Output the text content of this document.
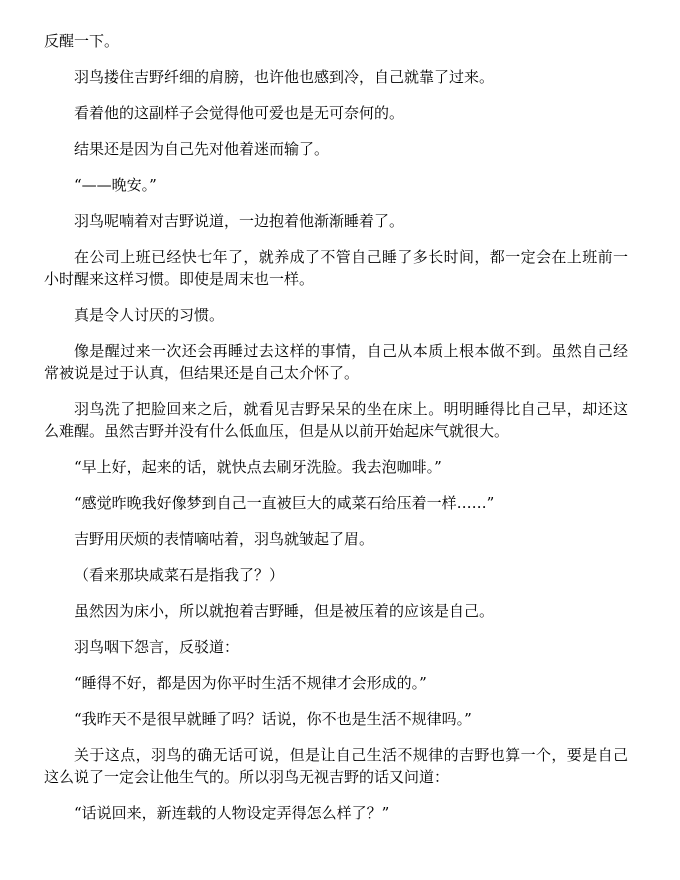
反醒一下。

羽鸟搂住吉野纤细的肩膀，也许他也感到冷，自己就靠了过来。

看着他的这副样子会觉得他可爱也是无可奈何的。

结果还是因为自己先对他着迷而输了。

“——晚安。”

羽鸟呢喃着对吉野说道，一边抱着他渐渐睡着了。

在公司上班已经快七年了，就养成了不管自己睡了多长时间，都一定会在上班前一小时醒来这样习惯。即使是周末也一样。

真是令人讨厌的习惯。

像是醒过来一次还会再睡过去这样的事情，自己从本质上根本做不到。虽然自己经常被说是过于认真，但结果还是自己太介怀了。

羽鸟洗了把脸回来之后，就看见吉野呆呆的坐在床上。明明睡得比自己早，却还这么难醒。虽然吉野并没有什么低血压，但是从以前开始起床气就很大。

“早上好，起来的话，就快点去刷牙洗脸。我去泡咖啡。”

“感觉昨晚我好像梦到自己一直被巨大的咸菜石给压着一样……”

吉野用厌烦的表情嘀咕着，羽鸟就皱起了眉。

（看来那块咸菜石是指我了？）

虽然因为床小，所以就抱着吉野睡，但是被压着的应该是自己。

羽鸟咽下怨言，反驳道：

“睡得不好，都是因为你平时生活不规律才会形成的。”

“我昨天不是很早就睡了吗？话说，你不也是生活不规律吗。”

关于这点，羽鸟的确无话可说，但是让自己生活不规律的吉野也算一个，要是自己这么说了一定会让他生气的。所以羽鸟无视吉野的话又问道：

“话说回来，新连载的人物设定弄得怎么样了？”
